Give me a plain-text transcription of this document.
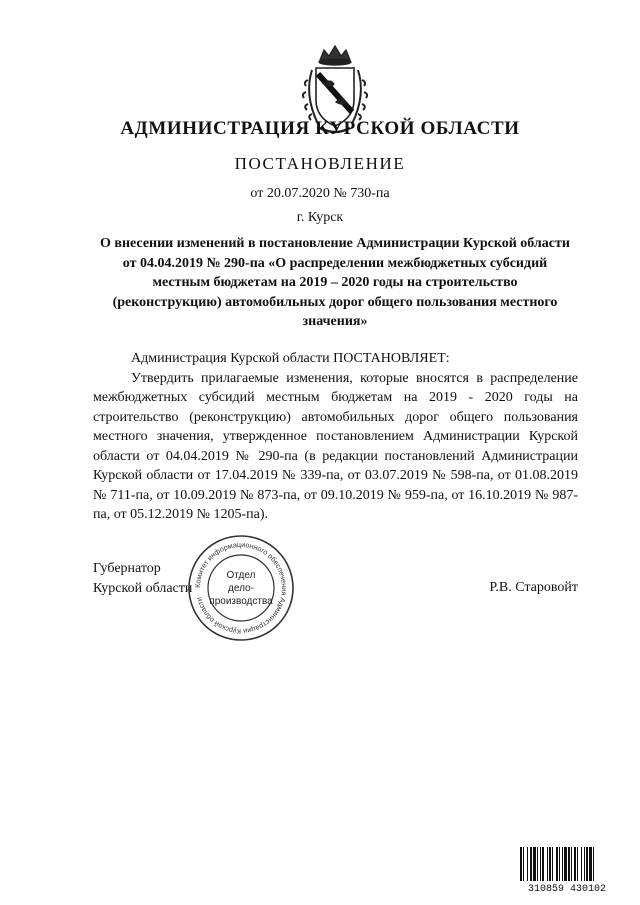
АДМИНИСТРАЦИЯ КУРСКОЙ ОБЛАСТИ
ПОСТАНОВЛЕНИЕ
от 20.07.2020 № 730-па
г. Курск
О внесении изменений в постановление Администрации Курской области от 04.04.2019 № 290-па «О распределении межбюджетных субсидий местным бюджетам на 2019 – 2020 годы на строительство (реконструкцию) автомобильных дорог общего пользования местного значения»

Администрация Курской области ПОСТАНОВЛЯЕТ:

Утвердить прилагаемые изменения, которые вносятся в распределение межбюджетных субсидий местным бюджетам на 2019 - 2020 годы на строительство (реконструкцию) автомобильных дорог общего пользования местного значения, утвержденное постановлением Администрации Курской области от 04.04.2019 № 290-па (в редакции постановлений Администрации Курской области от 17.04.2019 № 339-па, от 03.07.2019 № 598-па, от 01.08.2019 № 711-па, от 10.09.2019 № 873-па, от 09.10.2019 № 959-па, от 16.10.2019 № 987-па, от 05.12.2019 № 1205-па).

Губернатор
Курской области	Р.В. Старовойт
Комитет информационного обеспечения Администрации Курской области
Отдел
дело-
производства
310859 430102
